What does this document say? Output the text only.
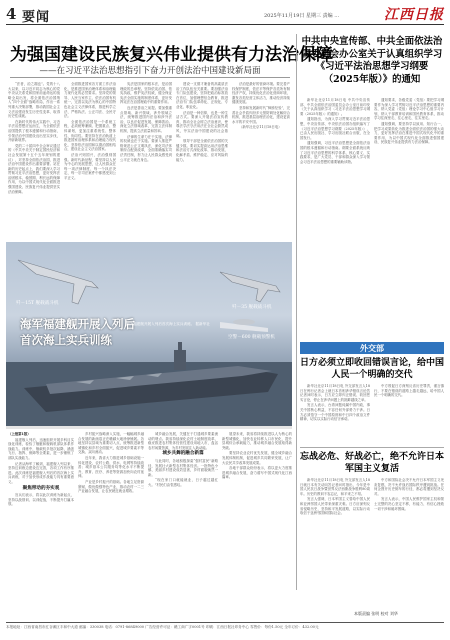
4 要闻	2025年11月19日 星期三 责编 …	江西日报
为强国建设民族复兴伟业提供有力法治保障
——在习近平法治思想指引下奋力开创法治中国建设新局面

“法者，治之端也”。党的十八大以来，以习近平同志为核心的党中央从关系党和国家前途命运的战略全局出发，将全面依法治国纳入“四个全面”战略布局，作出一系列重大决策部署，推动我国社会主义法治建设发生历史性变革、取得历史性成就。

在新时代的伟大实践中，习近平法治思想应运而生，为全面依法治国提供了根本遵循和行动指南，引领法治中国建设迈出坚实步伐，开辟新境界。

党的二十届四中全会审议通过的《中共中央关于制定国民经济和社会发展第十五个五年规划的建议》，对坚持全面依法治国、推进法治中国建设作出重要部署。站在新的历史起点上，我们要深入学习贯彻习近平法治思想，更好发挥法治固根本、稳预期、利长远的保障作用，为以中国式现代化全面推进强国建设、民族复兴伟业提供坚实法治保障。

全面推进国家各方面工作法治化，是推进国家治理体系和治理能力现代化的必然要求。坚持党的领导、人民当家作主、依法治国有机统一，完善以宪法为核心的中国特色社会主义法律体系，推进科学立法、严格执法、公正司法、全民守法。

全面依法治国是一个系统工程，必须统筹兼顾、把握重点、整体谋划，更加注重系统性、整体性、协同性。要坚持在法治轨道上推进国家治理体系和治理能力现代化，坚持依法治国和以德治国相结合，建设社会主义法治国家。

法治兴则国兴，法治强则国强。新时代新征程，要坚持以人民为中心的发展思想，让人民群众在每一项法律制度、每一个执法决定、每一宗司法案件中都感受到公平正义。

宪法是国家的根本法，是治国理政的总章程。坚持依宪治国、依宪执政，维护宪法权威，健全保证宪法全面实施的制度体系，更好发挥宪法在治国理政中的重要作用。

良法是善治之前提。要加强重点领域、新兴领域、涉外领域立法，统筹推进国内法治和涉外法治，以良法促进发展、保障善治。深化立法领域改革，完善立法体制机制，提高立法质量和效率。

法律的生命力在于实施，法律的权威也在于实施。要深入推进严格规范公正文明执法，深化司法体制综合配套改革，全面准确落实司法责任制，努力让人民群众感受到公平正义就在身边。

建设一支德才兼备的高素质法治工作队伍至关重要。要加强法治专门队伍建设，坚持把政治标准放在首位，加强理想信念教育，推进法治专门队伍革命化、正规化、专业化、职业化。

法治是一种信仰，也是一种生活方式。要深入开展法治宣传教育，推动全社会树立法治意识，使尊法学法守法用法在全社会蔚然成风，夯实法治中国建设的社会基础。

领导干部是全面依法治国的关键少数。要切实提高运用法治思维和法治方式深化改革、推动发展、化解矛盾、维护稳定、应对风险的能力。

法治是最好的营商环境。要完善产权保护制度，依法平等保护各类所有制经济产权，持续优化法治化营商环境，激发各类经营主体活力，推动经济持续健康发展。

坚持和发展新时代“枫桥经验”，完善社会矛盾纠纷多元预防调处化解综合机制，推进基层治理法治化，建设更高水平的平安中国。

（新华社北京11月18日电）

中共中央宣传部、中共全面依法治国委员会办公室关于认真组织学习《习近平法治思想学习纲要（2025年版）》的通知

新华社北京11月18日电 中共中央宣传部、中共全面依法治国委员会办公室日前印发《关于认真组织学习〈习近平法治思想学习纲要（2025年版）〉的通知》。

通知指出，为深入学习贯彻习近平法治思想，中央宣传部、中央依法治国办组织编写了《习近平法治思想学习纲要（2025年版）》，已由人民出版社、学习出版社联合出版，在全国发行。

通知强调，习近平法治思想是全面依法治国的根本遵循和行动指南。纲要全面系统反映了习近平法治思想的科学体系、核心要义、实践要求，是广大党员、干部和群众深入学习领会习近平法治思想的重要辅助读物。

通知要求，各级党委（党组）要把学习纲要作为深入学习贯彻习近平法治思想的重要内容，纳入党委（党组）理论学习中心组学习计划，纳入干部教育培训和国民教育体系，推动学习往深里走、往心里走、往实里走。

通知强调，要坚持学以致用、知行合一，把学习成果转化为推进全面依法治国的强大动力，更好发挥法治在推进中国式现代化中的重要作用，为以中国式现代化全面推进强国建设、民族复兴伟业提供有力法治保障。

歼－15T 舰载战斗机
歼－35 舰载战斗机
空警－600 舰载预警机
海军福建舰开展入列后
首次海上实兵训练
图为福建舰开展入列后首次海上实兵训练。 据新华社

（上接第1版）

福建舰入列后，迅速组织开展多科目实战化训练，检验了舰艇和舰载机部队体系作战能力。训练中，舰载机多批次起降，涵盖飞行、指挥、保障等全要素，进一步锤炼了部队实战能力。

记者从海军了解到，福建舰入列以来，坚持边训练边建设边完善，各项工作有序推进。此次训练是福建舰入列后的首次海上实兵训练，对于加快形成作战能力具有重要意义。

聚焦带动的夯实观

官兵们表示，将以此次训练为新起点，坚持以战领训、以训促战，不断提升打赢本领。

乡村振兴战略深入实施，一幅幅城乡融合发展的新画卷正在赣鄱大地徐徐铺展。各地坚持以县域为重要切入点，统筹推进新型城镇化和乡村全面振兴，促进城乡要素平等交换、双向流动。

近年来，我省大力推进城乡基础设施一体化建设，农村公路、供水、电网等持续改善；城乡基本公共服务均等化水平不断提升，教育、医疗、养老等资源加快向农村延伸。

产业是乡村振兴的基础。各地立足资源禀赋，做优做强特色产业，推动农村一二三产业融合发展，让农民就近就业增收。

城乡融合发展，关键在于打通城乡要素流动的堵点。我省持续深化农村土地制度改革，稳妥推进农村集体经营性建设用地入市，盘活农村闲置资源，为乡村发展注入新动能。

城乡共舞的融合新篇

与此同时，各地积极探索“强村富民”新路径，发展壮大新型农村集体经济。一批特色小镇、美丽乡村建设成效显著，乡村面貌焕然一新。

“现在家门口就能就业，日子越过越红火。”村民们由衷感叹。

展望未来，我省将持续推进以人为核心的新型城镇化，加快农业转移人口市民化，提升县城综合承载能力，推动城乡融合发展取得新突破。

要坚持农业农村优先发展，健全城乡融合发展体制机制，促进城乡共同繁荣发展，让广大农民共享改革发展成果。

各地干部群众纷纷表示，将以更大力度推进城乡融合发展，奋力谱写中国式现代化江西篇章。

外交部
日方必须立即收回错误言论，给中国人民一个明确的交代

新华社北京11月18日电 外交部发言人18日在例行记者会上就日本首相涉华错误言论答记者问时表示，日方应立即纠正错误、收回恶劣言论，停止在涉华问题上的挑衅越线之举。

发言人表示，台湾问题纯属中国内政，事关中国核心利益，不容任何外部势力干涉。日方必须恪守一个中国原则和中日四个政治文件精神，切实以实际行动信守承诺。

中方敦促日方深刻反省历史罪责，谨言慎行，不要在错误的道路上越走越远，给中国人民一个明确的交代。

忘战必危、好战必亡，绝不允许日本军国主义复活

新华社北京11月18日电 外交部发言人18日就日本有关动向答记者问时指出，今年是中国人民抗日战争暨世界反法西斯战争胜利80周年。历史的教训不容忘记，和平来之不易。

发言人强调，日本军国主义曾给中国人民和亚洲邻国人民带来深重灾难。日方应深刻反省侵略历史，坚持和平发展道路，以实际行动取信于亚洲邻国和国际社会。

中方和国际社会决不允许日本军国主义死灰复燃，决不允许战后国际秩序遭到挑战。任何企图开历史倒车的行径，都必将遭到坚决反对。

发言人表示，中国人民维护国家主权和领土完整的决心坚定不移，有能力、有信心挫败一切干涉和破坏图谋。

本版责编 张明 校对 刘华
本报地址：江西省南昌市红谷滩区丰和中大道 邮编：330038 电话：0791-86849000 广告经营许可证：赣工商广字0001号 印刷：江西日报社印务中心 零售价：每份1.50元 全年订价：432.00元
